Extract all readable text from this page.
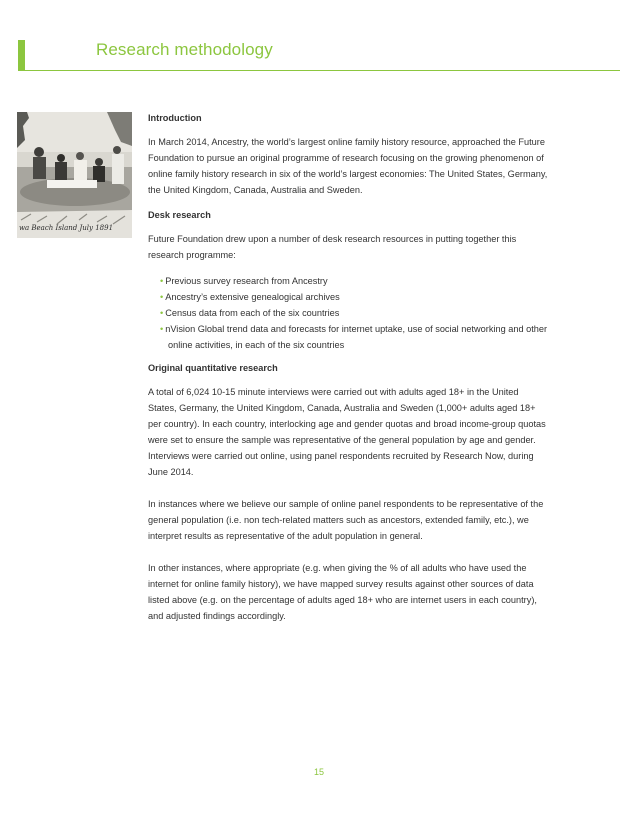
Research methodology
wa Beach Island July 1891
Introduction
In March 2014, Ancestry, the world’s largest online family history resource, approached the Future Foundation to pursue an original programme of research focusing on the growing phenomenon of online family history research in six of the world’s largest economies: The United States, Germany, the United Kingdom, Canada, Australia and Sweden.
Desk research
Future Foundation drew upon a number of desk research resources in putting together this research programme:
• Previous survey research from Ancestry
• Ancestry’s extensive genealogical archives
• Census data from each of the six countries
• nVision Global trend data and forecasts for internet uptake, use of social networking and other online activities, in each of the six countries
Original quantitative research
A total of 6,024 10-15 minute interviews were carried out with adults aged 18+ in the United States, Germany, the United Kingdom, Canada, Australia and Sweden (1,000+ adults aged 18+ per country). In each country, interlocking age and gender quotas and broad income-group quotas were set to ensure the sample was representative of the general population by age and gender. Interviews were carried out online, using panel respondents recruited by Research Now, during June 2014.
In instances where we believe our sample of online panel respondents to be representative of the general population (i.e. non tech-related matters such as ancestors, extended family, etc.), we interpret results as representative of the adult population in general.
In other instances, where appropriate (e.g. when giving the % of all adults who have used the internet for online family history), we have mapped survey results against other sources of data listed above (e.g. on the percentage of adults aged 18+ who are internet users in each country), and adjusted findings accordingly.
15
